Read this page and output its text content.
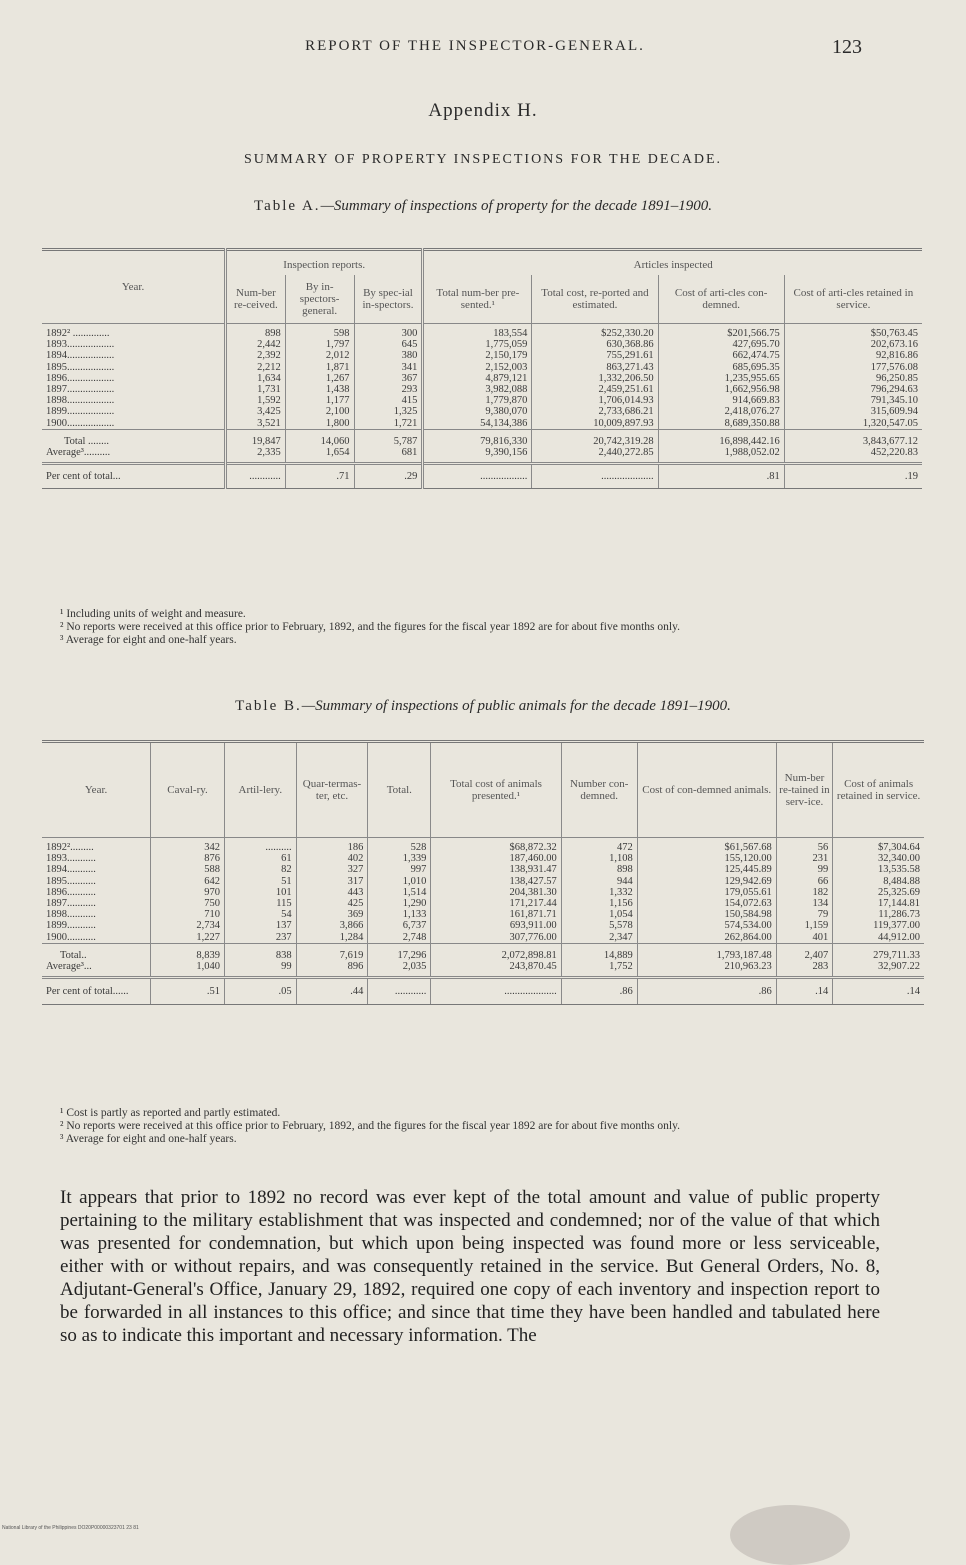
REPORT OF THE INSPECTOR-GENERAL.	123
Appendix H.
SUMMARY OF PROPERTY INSPECTIONS FOR THE DECADE.
Table A.—Summary of inspections of property for the decade 1891–1900.
Year.	Inspection reports.			Articles inspected			
	Num-ber re-ceived.	By in-spectors-general.	By spec-ial in-spectors.	Total num-ber pre-sented.¹	Total cost, re-ported and estimated.	Cost of arti-cles con-demned.	Cost of arti-cles retained in service.
1892² ..............	898	598	300	183,554	$252,330.20	$201,566.75	$50,763.45
1893..................	2,442	1,797	645	1,775,059	630,368.86	427,695.70	202,673.16
1894..................	2,392	2,012	380	2,150,179	755,291.61	662,474.75	92,816.86
1895..................	2,212	1,871	341	2,152,003	863,271.43	685,695.35	177,576.08
1896..................	1,634	1,267	367	4,879,121	1,332,206.50	1,235,955.65	96,250.85
1897..................	1,731	1,438	293	3,982,088	2,459,251.61	1,662,956.98	796,294.63
1898..................	1,592	1,177	415	1,779,870	1,706,014.93	914,669.83	791,345.10
1899..................	3,425	2,100	1,325	9,380,070	2,733,686.21	2,418,076.27	315,609.94
1900..................	3,521	1,800	1,721	54,134,386	10,009,897.93	8,689,350.88	1,320,547.05
Total ........	19,847	14,060	5,787	79,816,330	20,742,319.28	16,898,442.16	3,843,677.12
Average³..........	2,335	1,654	681	9,390,156	2,440,272.85	1,988,052.02	452,220.83
Per cent of total...	............	.71	.29	..................	....................	.81	.19
¹ Including units of weight and measure.
² No reports were received at this office prior to February, 1892, and the figures for the fiscal year 1892 are for about five months only.
³ Average for eight and one-half years.
Table B.—Summary of inspections of public animals for the decade 1891–1900.
Year.	Caval-ry.	Artil-lery.	Quar-termas-ter, etc.	Total.	Total cost of animals presented.¹	Number con-demned.	Cost of con-demned animals.	Num-ber re-tained in serv-ice.	Cost of animals retained in service.
1892².........	342	..........	186	528	$68,872.32	472	$61,567.68	56	$7,304.64
1893...........	876	61	402	1,339	187,460.00	1,108	155,120.00	231	32,340.00
1894...........	588	82	327	997	138,931.47	898	125,445.89	99	13,535.58
1895...........	642	51	317	1,010	138,427.57	944	129,942.69	66	8,484.88
1896...........	970	101	443	1,514	204,381.30	1,332	179,055.61	182	25,325.69
1897...........	750	115	425	1,290	171,217.44	1,156	154,072.63	134	17,144.81
1898...........	710	54	369	1,133	161,871.71	1,054	150,584.98	79	11,286.73
1899...........	2,734	137	3,866	6,737	693,911.00	5,578	574,534.00	1,159	119,377.00
1900...........	1,227	237	1,284	2,748	307,776.00	2,347	262,864.00	401	44,912.00
Total..	8,839	838	7,619	17,296	2,072,898.81	14,889	1,793,187.48	2,407	279,711.33
Average³...	1,040	99	896	2,035	243,870.45	1,752	210,963.23	283	32,907.22
Per cent of total......	.51	.05	.44	............	....................	.86	.86	.14	.14
¹ Cost is partly as reported and partly estimated.
² No reports were received at this office prior to February, 1892, and the figures for the fiscal year 1892 are for about five months only.
³ Average for eight and one-half years.
It appears that prior to 1892 no record was ever kept of the total amount and value of public property pertaining to the military establishment that was inspected and condemned; nor of the value of that which was presented for condemnation, but which upon being inspected was found more or less serviceable, either with or without repairs, and was consequently retained in the service. But General Orders, No. 8, Adjutant-General's Office, January 29, 1892, required one copy of each inventory and inspection report to be forwarded in all instances to this office; and since that time they have been handled and tabulated here so as to indicate this important and necessary information. The
National Library of the Philippines DO20P00000323701 23 81
